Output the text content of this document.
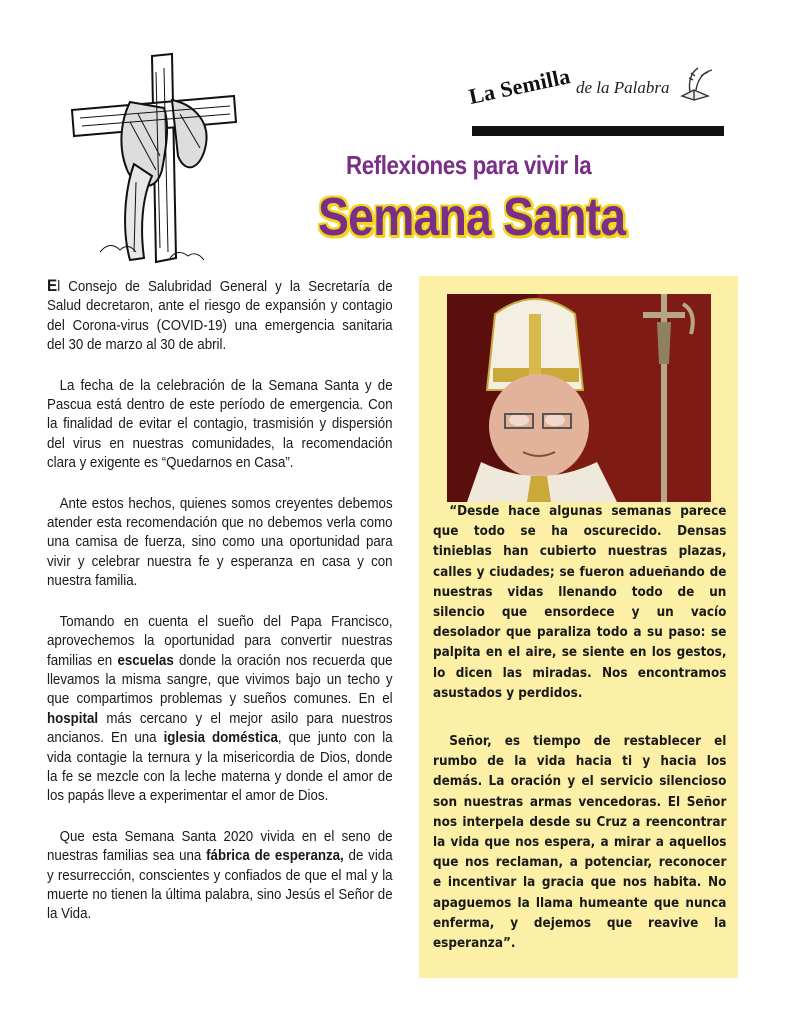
La Semilla de la Palabra
Reflexiones para vivir la
Semana Santa

El Consejo de Salubridad General y la Secretaría de Salud decretaron, ante el riesgo de expansión y contagio del Corona-virus (COVID-19) una emergencia sanitaria del 30 de marzo al 30 de abril.

La fecha de la celebración de la Semana Santa y de Pascua está dentro de este período de emergencia. Con la finalidad de evitar el contagio, trasmisión y dispersión del virus en nuestras comunidades, la recomendación clara y exigente es “Quedarnos en Casa”.

Ante estos hechos, quienes somos creyentes debemos atender esta recomendación que no debemos verla como una camisa de fuerza, sino como una oportunidad para vivir y celebrar nuestra fe y esperanza en casa y con nuestra familia.

Tomando en cuenta el sueño del Papa Francisco, aprovechemos la oportunidad para convertir nuestras familias en escuelas donde la oración nos recuerda que llevamos la misma sangre, que vivimos bajo un techo y que compartimos problemas y sueños comunes. En el hospital más cercano y el mejor asilo para nuestros ancianos. En una iglesia doméstica, que junto con la vida contagie la ternura y la misericordia de Dios, donde la fe se mezcle con la leche materna y donde el amor de los papás lleve a experimentar el amor de Dios.

Que esta Semana Santa 2020 vivida en el seno de nuestras familias sea una fábrica de esperanza, de vida y resurrección, conscientes y confiados de que el mal y la muerte no tienen la última palabra, sino Jesús el Señor de la Vida.

“Desde hace algunas semanas parece que todo se ha oscurecido. Densas tinieblas han cubierto nuestras plazas, calles y ciudades; se fueron adueñando de nuestras vidas llenando todo de un silencio que ensordece y un vacío desolador que paraliza todo a su paso: se palpita en el aire, se siente en los gestos, lo dicen las miradas. Nos encontramos asustados y perdidos.

Señor, es tiempo de restablecer el rumbo de la vida hacia ti y hacia los demás. La oración y el servicio silencioso son nuestras armas vencedoras. El Señor nos interpela desde su Cruz a reencontrar la vida que nos espera, a mirar a aquellos que nos reclaman, a potenciar, reconocer e incentivar la gracia que nos habita. No apaguemos la llama humeante que nunca enferma, y dejemos que reavive la esperanza”.
